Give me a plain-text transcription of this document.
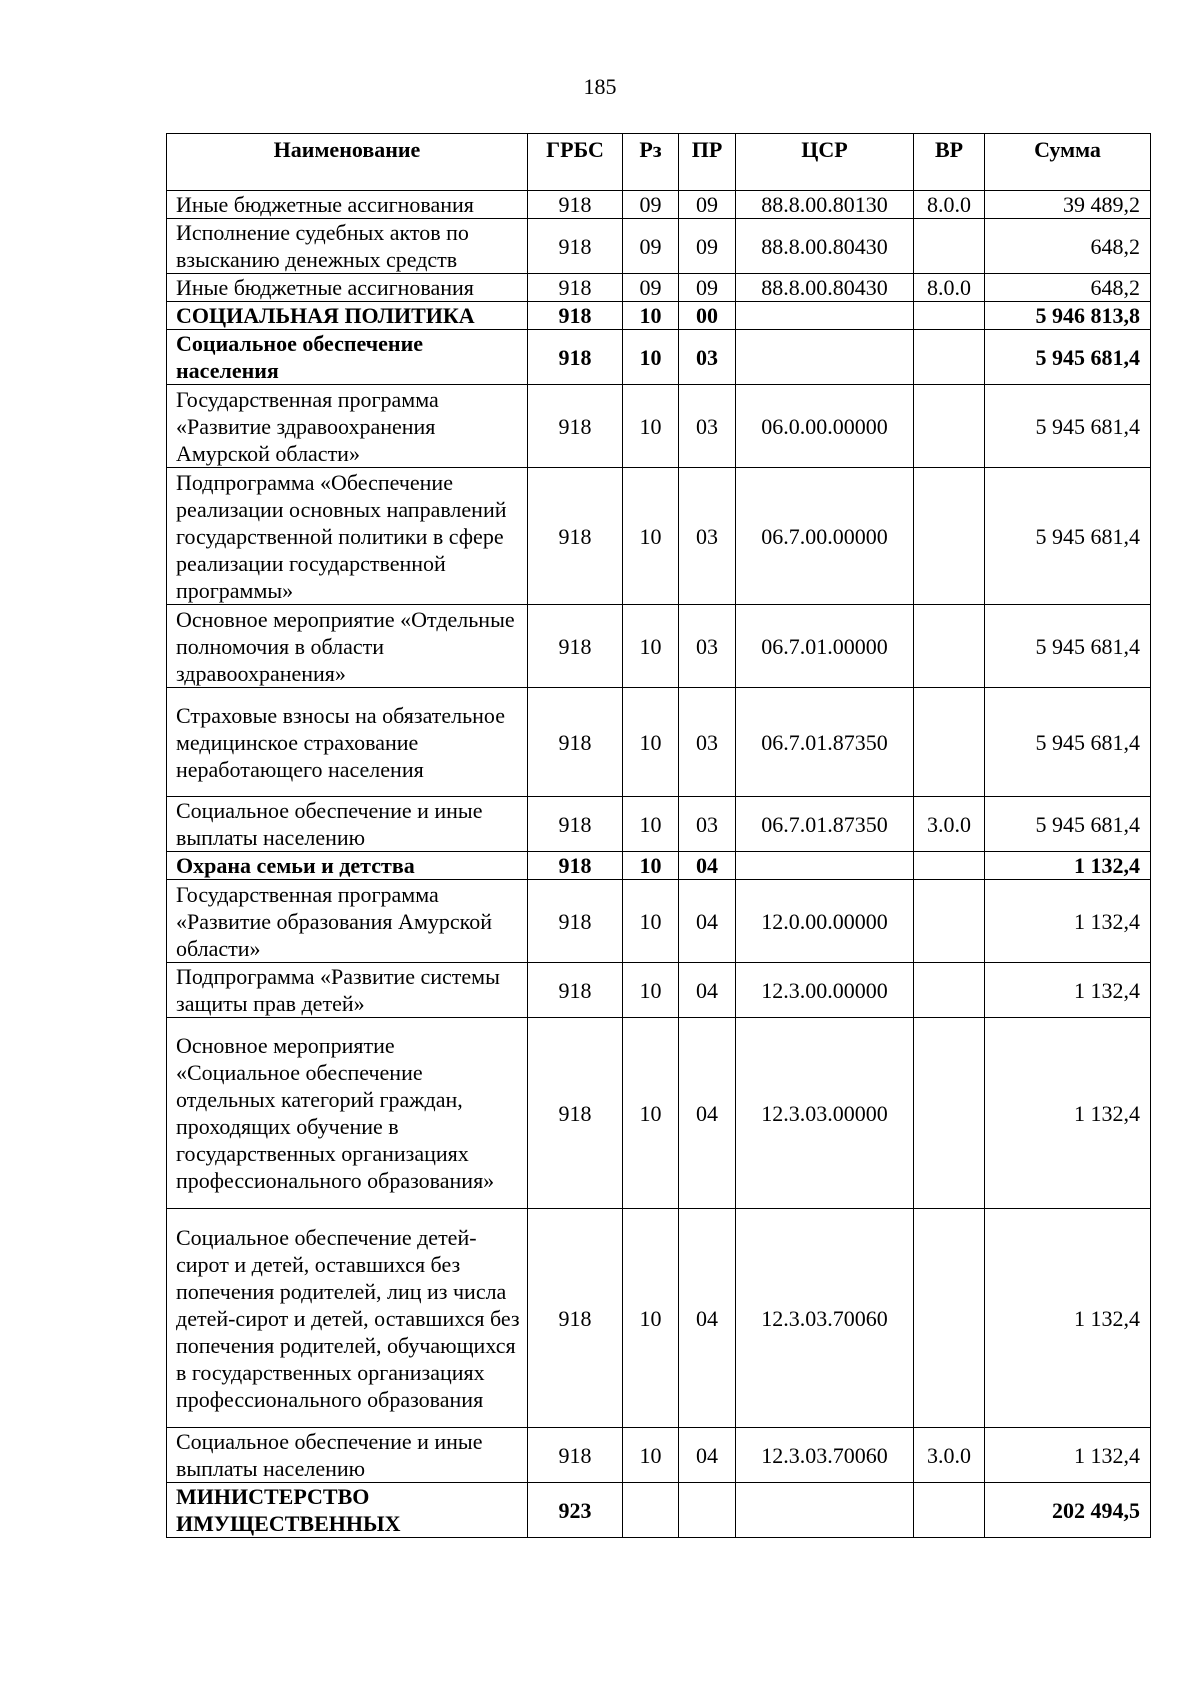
185
Наименование	ГРБС	Рз	ПР	ЦСР	ВР	Сумма
Иные бюджетные ассигнования	918	09	09	88.8.00.80130	8.0.0	39 489,2
Исполнение судебных актов по взысканию денежных средств	918	09	09	88.8.00.80430		648,2
Иные бюджетные ассигнования	918	09	09	88.8.00.80430	8.0.0	648,2
СОЦИАЛЬНАЯ ПОЛИТИКА	918	10	00			5 946 813,8
Социальное обеспечение населения	918	10	03			5 945 681,4
Государственная программа «Развитие здравоохранения Амурской области»	918	10	03	06.0.00.00000		5 945 681,4
Подпрограмма «Обеспечение реализации основных направлений государственной политики в сфере реализации государственной программы»	918	10	03	06.7.00.00000		5 945 681,4
Основное мероприятие «Отдельные полномочия в области здравоохранения»	918	10	03	06.7.01.00000		5 945 681,4
Страховые взносы на обязательное медицинское страхование неработающего населения	918	10	03	06.7.01.87350		5 945 681,4
Социальное обеспечение и иные выплаты населению	918	10	03	06.7.01.87350	3.0.0	5 945 681,4
Охрана семьи и детства	918	10	04			1 132,4
Государственная программа «Развитие образования Амурской области»	918	10	04	12.0.00.00000		1 132,4
Подпрограмма «Развитие системы защиты прав детей»	918	10	04	12.3.00.00000		1 132,4
Основное мероприятие «Социальное обеспечение отдельных категорий граждан, проходящих обучение в государственных организациях профессионального образования»	918	10	04	12.3.03.00000		1 132,4
Социальное обеспечение детей-сирот и детей, оставшихся без попечения родителей, лиц из числа детей-сирот и детей, оставшихся без попечения родителей, обучающихся в государственных организациях профессионального образования	918	10	04	12.3.03.70060		1 132,4
Социальное обеспечение и иные выплаты населению	918	10	04	12.3.03.70060	3.0.0	1 132,4
МИНИСТЕРСТВО ИМУЩЕСТВЕННЫХ	923					202 494,5
